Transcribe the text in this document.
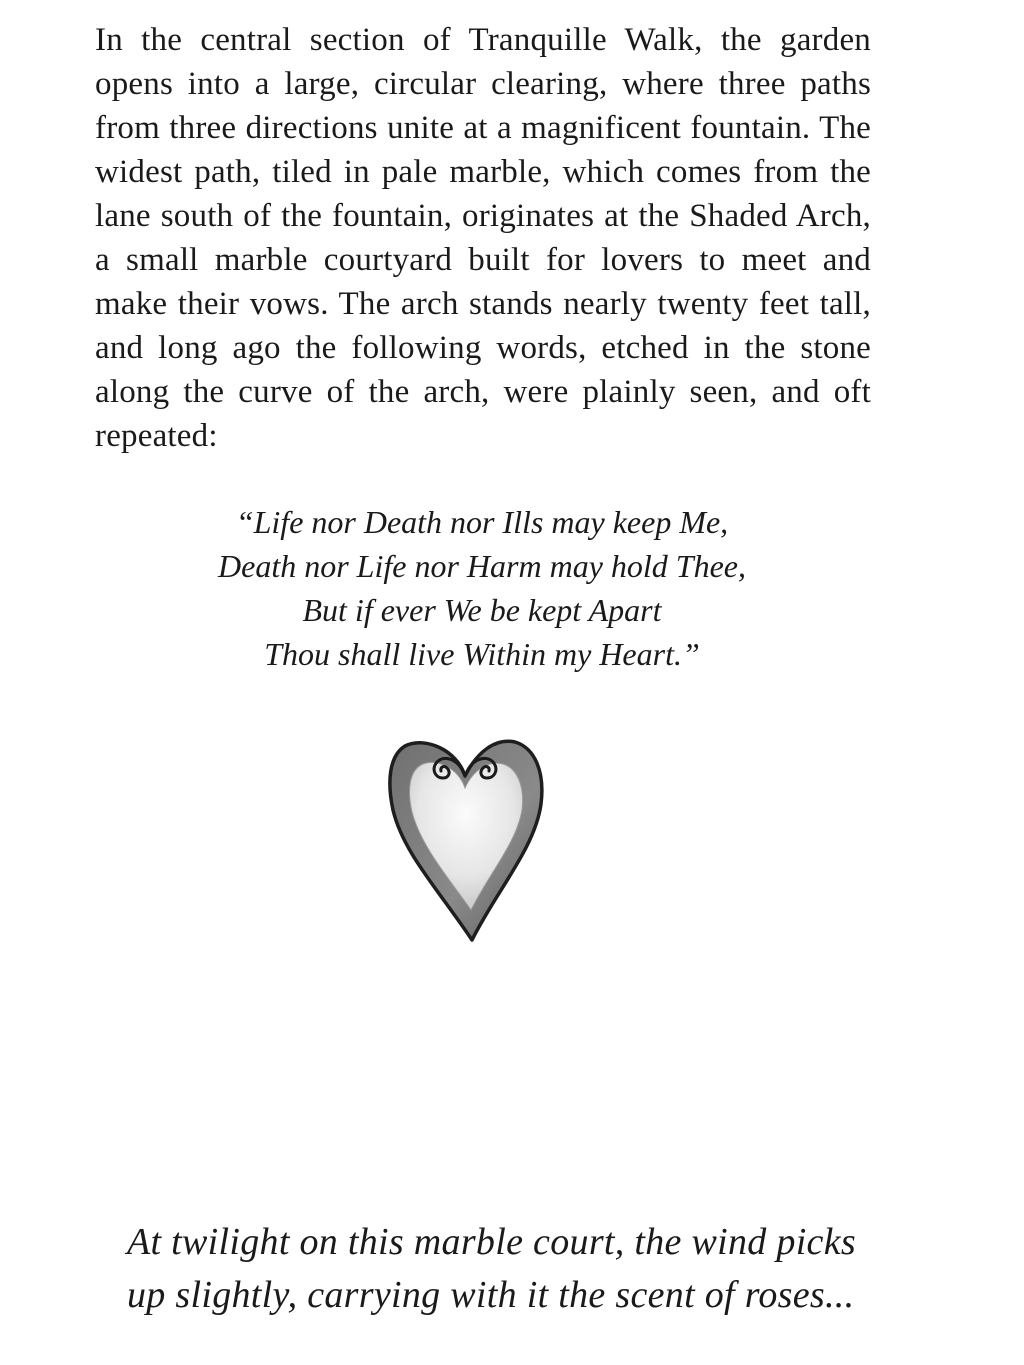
In the central section of Tranquille Walk, the garden opens into a large, circular clearing, where three paths from three directions unite at a magnificent fountain. The widest path, tiled in pale marble, which comes from the lane south of the fountain, originates at the Shaded Arch, a small marble courtyard built for lovers to meet and make their vows. The arch stands nearly twenty feet tall, and long ago the following words, etched in the stone along the curve of the arch, were plainly seen, and oft repeated:

“Life nor Death nor Ills may keep Me,
Death nor Life nor Harm may hold Thee,
But if ever We be kept Apart
Thou shall live Within my Heart.”

At twilight on this marble court, the wind picks up slightly, carrying with it the scent of roses...
